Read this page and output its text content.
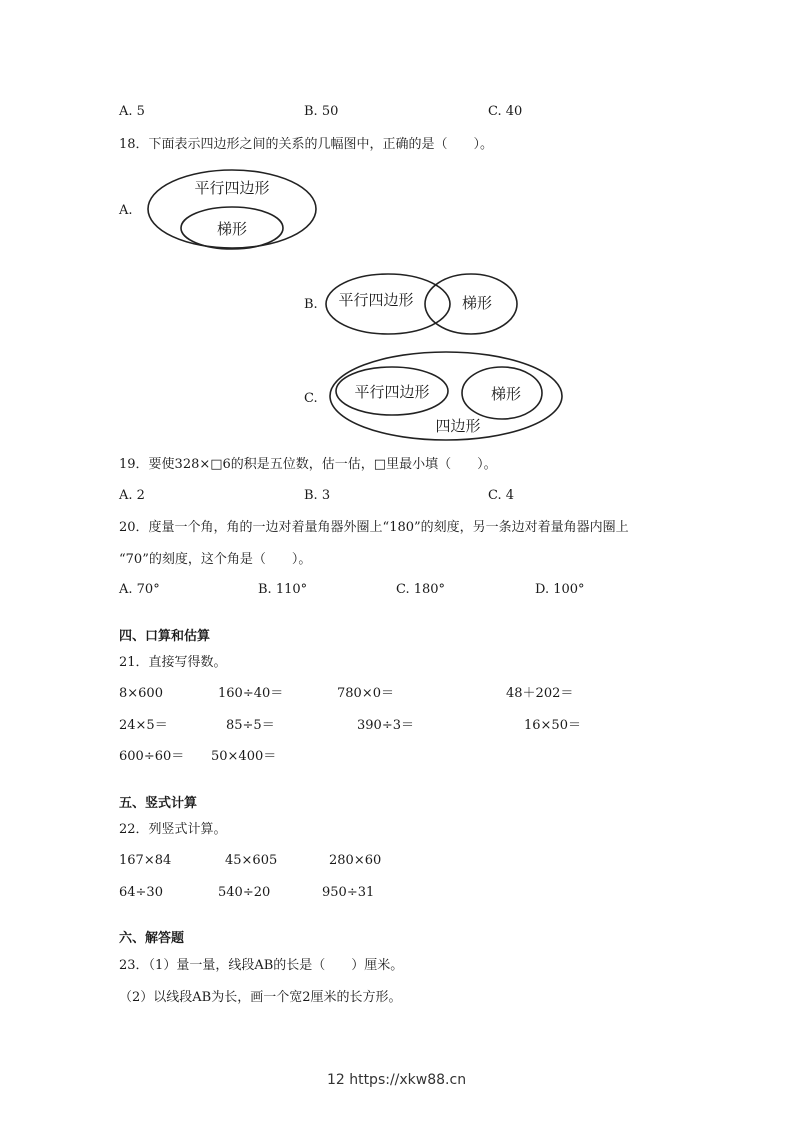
A. 5	B. 50	C. 40
18．下面表示四边形之间的关系的几幅图中，正确的是（　　）。
A.
平行四边形
梯形
B. 平行四边形	梯形
C. 平行四边形	梯形
四边形
19．要使328×□6的积是五位数，估一估，□里最小填（　　）。
A. 2	B. 3	C. 4
20．度量一个角，角的一边对着量角器外圈上“180”的刻度，另一条边对着量角器内圈上
“70”的刻度，这个角是（　　）。
A. 70°	B. 110°	C. 180°	D. 100°
四、口算和估算
21．直接写得数。
8×600	160÷40＝	780×0＝	48＋202＝
24×5＝	85÷5＝	390÷3＝	16×50＝
600÷60＝ 50×400＝
五、竖式计算
22．列竖式计算。
167×84	45×605	280×60
64÷30	540÷20	950÷31
六、解答题
23．（1）量一量，线段AB的长是（　　）厘米。
（2）以线段AB为长，画一个宽2厘米的长方形。
12 https://xkw88.cn
